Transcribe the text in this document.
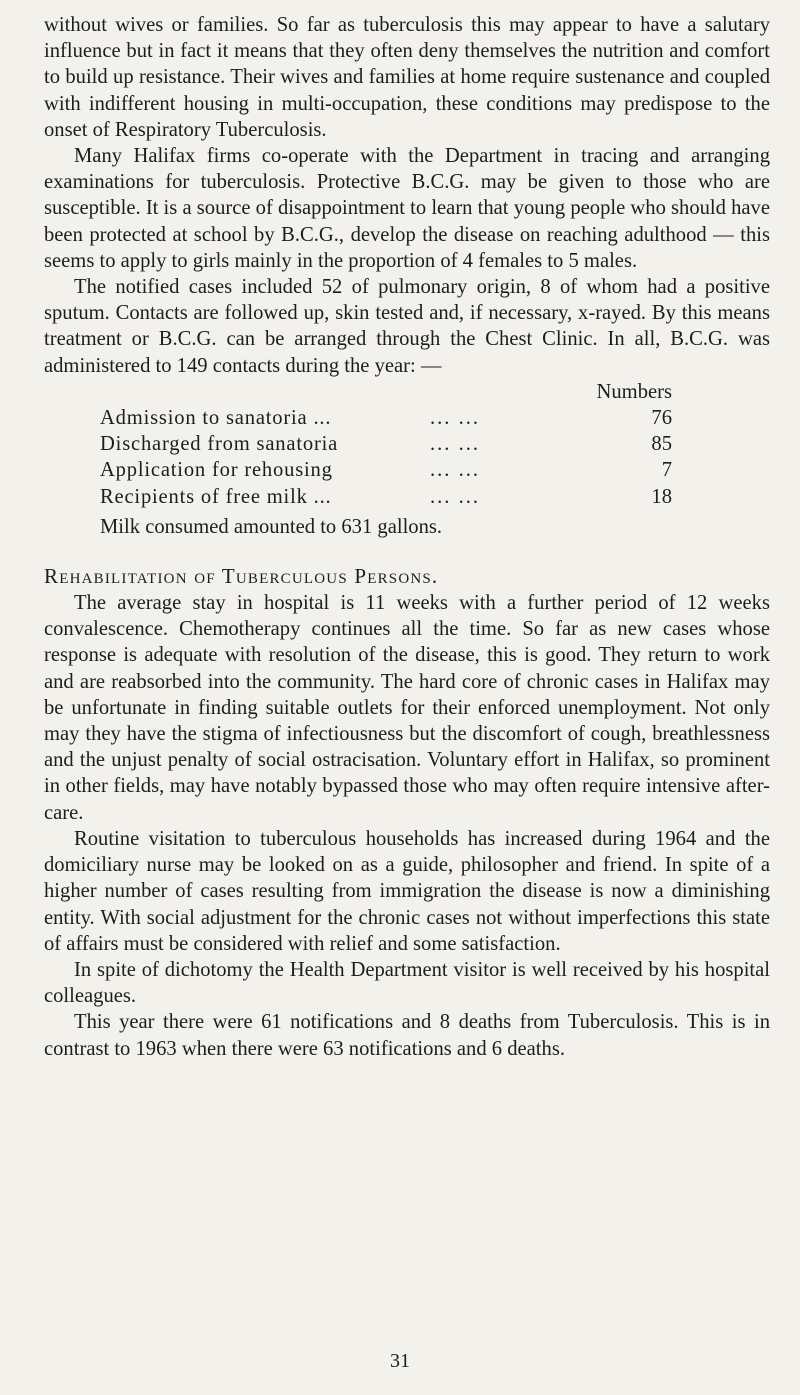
without wives or families. So far as tuberculosis this may appear to have a salutary influence but in fact it means that they often deny themselves the nutrition and comfort to build up resistance. Their wives and families at home require sustenance and coupled with indifferent housing in multi-occupation, these conditions may predispose to the onset of Respiratory Tuberculosis.

Many Halifax firms co-operate with the Department in tracing and arranging examinations for tuberculosis. Protective B.C.G. may be given to those who are susceptible. It is a source of disappointment to learn that young people who should have been protected at school by B.C.G., develop the disease on reaching adulthood — this seems to apply to girls mainly in the proportion of 4 females to 5 males.

The notified cases included 52 of pulmonary origin, 8 of whom had a positive sputum. Contacts are followed up, skin tested and, if necessary, x-rayed. By this means treatment or B.C.G. can be arranged through the Chest Clinic. In all, B.C.G. was administered to 149 contacts during the year: —

Numbers
Admission to sanatoria ...	... ...	76
Discharged from sanatoria	... ...	85
Application for rehousing	... ...	7
Recipients of free milk ...	... ...	18
Milk consumed amounted to 631 gallons.
Rehabilitation of Tuberculous Persons.

The average stay in hospital is 11 weeks with a further period of 12 weeks convalescence. Chemotherapy continues all the time. So far as new cases whose response is adequate with resolution of the disease, this is good. They return to work and are reabsorbed into the community. The hard core of chronic cases in Halifax may be unfortunate in finding suitable outlets for their enforced unemployment. Not only may they have the stigma of infectiousness but the discomfort of cough, breathlessness and the unjust penalty of social ostracisation. Voluntary effort in Halifax, so prominent in other fields, may have notably bypassed those who may often require intensive after-care.

Routine visitation to tuberculous households has increased during 1964 and the domiciliary nurse may be looked on as a guide, philosopher and friend. In spite of a higher number of cases resulting from immigration the disease is now a diminishing entity. With social adjustment for the chronic cases not without imperfections this state of affairs must be considered with relief and some satisfaction.

In spite of dichotomy the Health Department visitor is well received by his hospital colleagues.

This year there were 61 notifications and 8 deaths from Tuberculosis. This is in contrast to 1963 when there were 63 notifications and 6 deaths.

31
